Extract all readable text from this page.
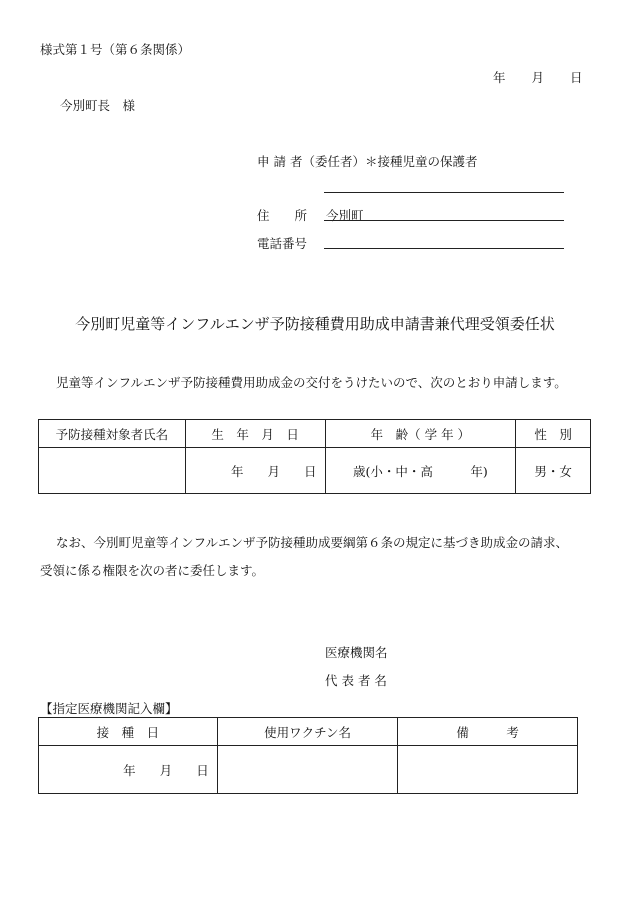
様式第１号（第６条関係）
年 月 日
今別町長　様
申 請 者（委任者）＊接種児童の保護者
住　　所 今別町
電話番号
今別町児童等インフルエンザ予防接種費用助成申請書兼代理受領委任状
児童等インフルエンザ予防接種費用助成金の交付をうけたいので、次のとおり申請します。
予防接種対象者氏名	生　年　月　日	年　齢（ 学 年 ）	性　別
	年 月 日	歳(小・中・高　　　年)	男・女
なお、今別町児童等インフルエンザ予防接種助成要綱第６条の規定に基づき助成金の請求、
受領に係る権限を次の者に委任します。
医療機関名
代 表 者 名
【指定医療機関記入欄】
接　種　日	使用ワクチン名	備　　　考
年 月 日		
